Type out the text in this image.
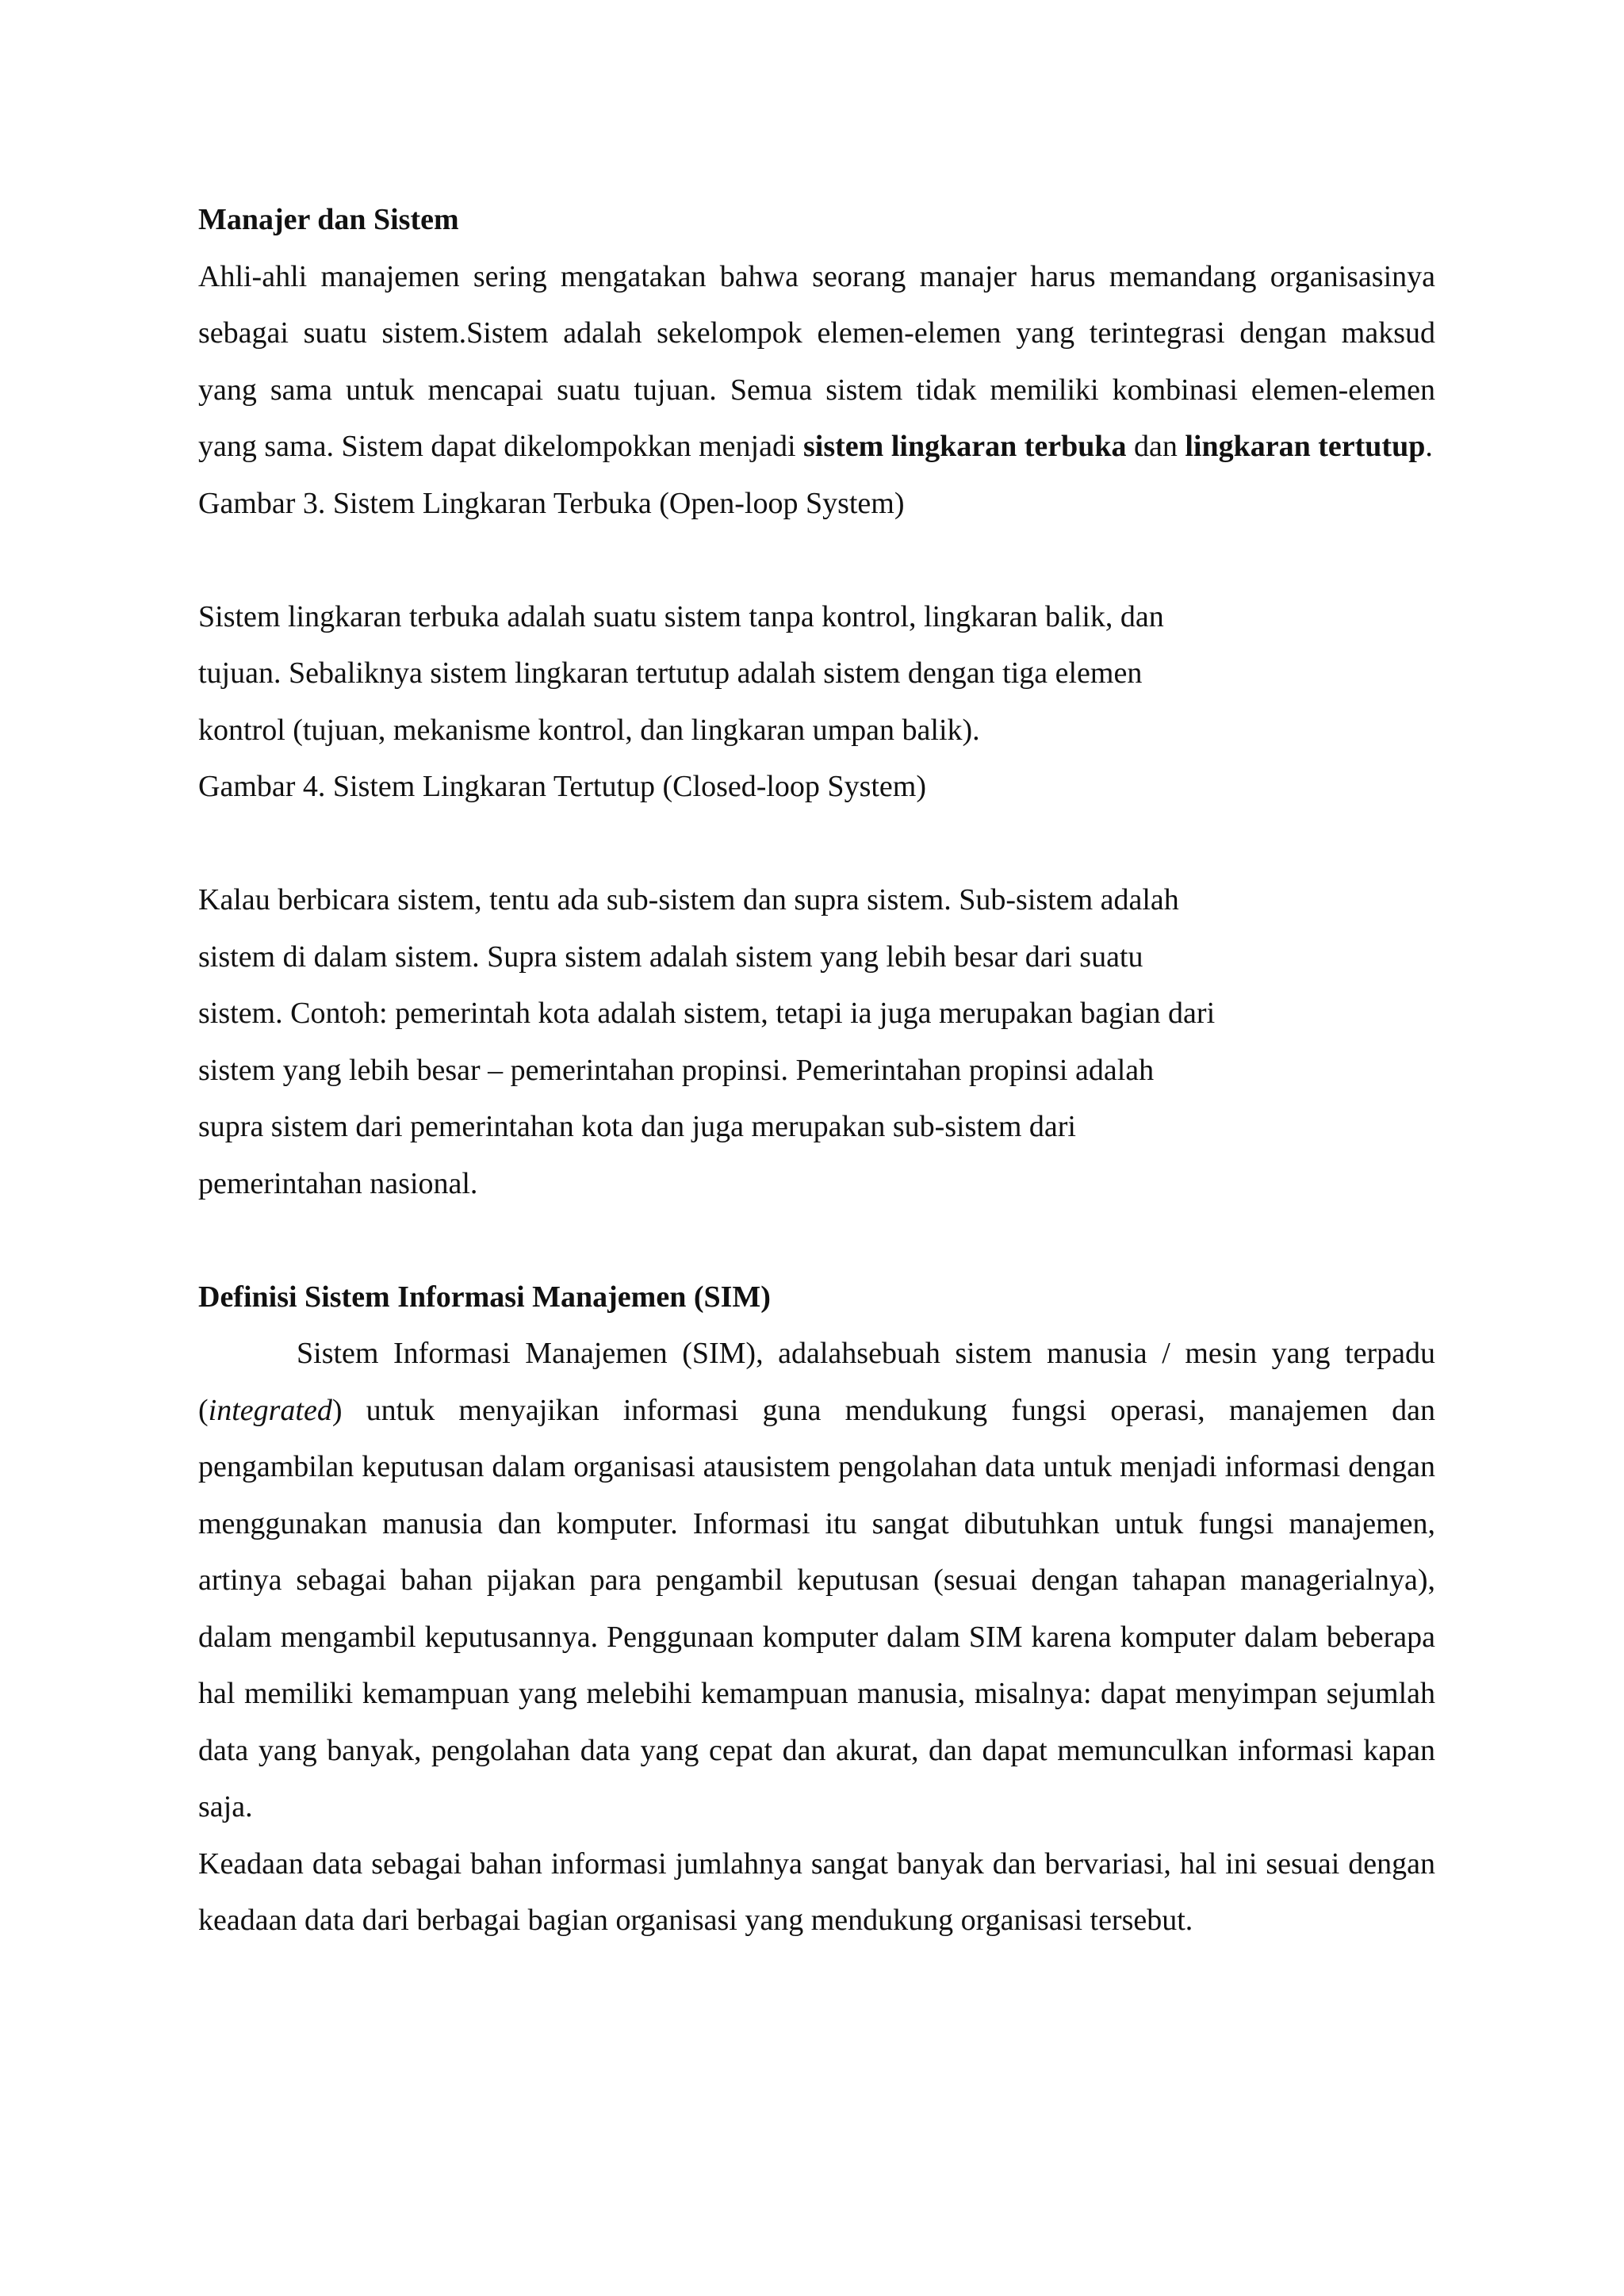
Manajer dan Sistem

Ahli-ahli manajemen sering mengatakan bahwa seorang manajer harus memandang organisasinya sebagai suatu sistem.Sistem adalah sekelompok elemen-elemen yang terintegrasi dengan maksud yang sama untuk mencapai suatu tujuan. Semua sistem tidak memiliki kombinasi elemen-elemen yang sama. Sistem dapat dikelompokkan menjadi sistem lingkaran terbuka dan lingkaran tertutup.

Gambar 3. Sistem Lingkaran Terbuka (Open-loop System)

Sistem lingkaran terbuka adalah suatu sistem tanpa kontrol, lingkaran balik, dan tujuan. Sebaliknya sistem lingkaran tertutup adalah sistem dengan tiga elemen kontrol (tujuan, mekanisme kontrol, dan lingkaran umpan balik).

Gambar 4. Sistem Lingkaran Tertutup (Closed-loop System)

Kalau berbicara sistem, tentu ada sub-sistem dan supra sistem. Sub-sistem adalah sistem di dalam sistem. Supra sistem adalah sistem yang lebih besar dari suatu sistem. Contoh: pemerintah kota adalah sistem, tetapi ia juga merupakan bagian dari sistem yang lebih besar – pemerintahan propinsi. Pemerintahan propinsi adalah supra sistem dari pemerintahan kota dan juga merupakan sub-sistem dari pemerintahan nasional.

Definisi Sistem Informasi Manajemen (SIM)

Sistem Informasi Manajemen (SIM), adalahsebuah sistem manusia / mesin yang terpadu (integrated) untuk menyajikan informasi guna mendukung fungsi operasi, manajemen dan pengambilan keputusan dalam organisasi atausistem pengolahan data untuk menjadi informasi dengan menggunakan manusia dan komputer. Informasi itu sangat dibutuhkan untuk fungsi manajemen, artinya sebagai bahan pijakan para pengambil keputusan (sesuai dengan tahapan managerialnya), dalam mengambil keputusannya. Penggunaan komputer dalam SIM karena komputer dalam beberapa hal memiliki kemampuan yang melebihi kemampuan manusia, misalnya: dapat menyimpan sejumlah data yang banyak, pengolahan data yang cepat dan akurat, dan dapat memunculkan informasi kapan saja.

Keadaan data sebagai bahan informasi jumlahnya sangat banyak dan bervariasi, hal ini sesuai dengan keadaan data dari berbagai bagian organisasi yang mendukung organisasi tersebut.
